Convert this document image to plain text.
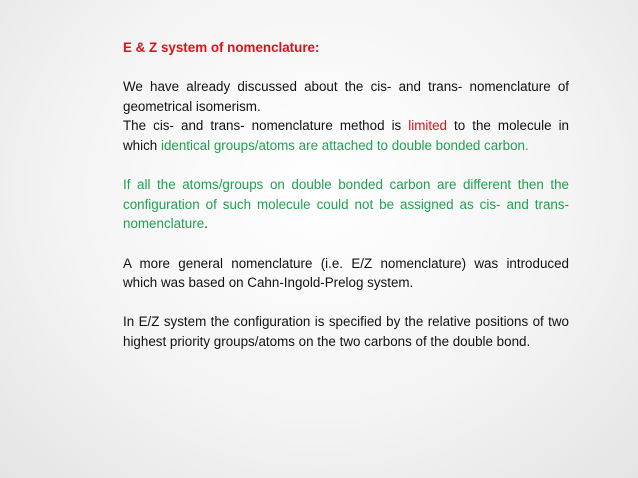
E & Z system of nomenclature:

We have already discussed about the cis- and trans- nomenclature of geometrical isomerism.

The cis- and trans- nomenclature method is limited to the molecule in which identical groups/atoms are attached to double bonded carbon.

If all the atoms/groups on double bonded carbon are different then the configuration of such molecule could not be assigned as cis- and trans- nomenclature.

A more general nomenclature (i.e. E/Z nomenclature) was introduced which was based on Cahn-Ingold-Prelog system.

In E/Z system the configuration is specified by the relative positions of two highest priority groups/atoms on the two carbons of the double bond.
